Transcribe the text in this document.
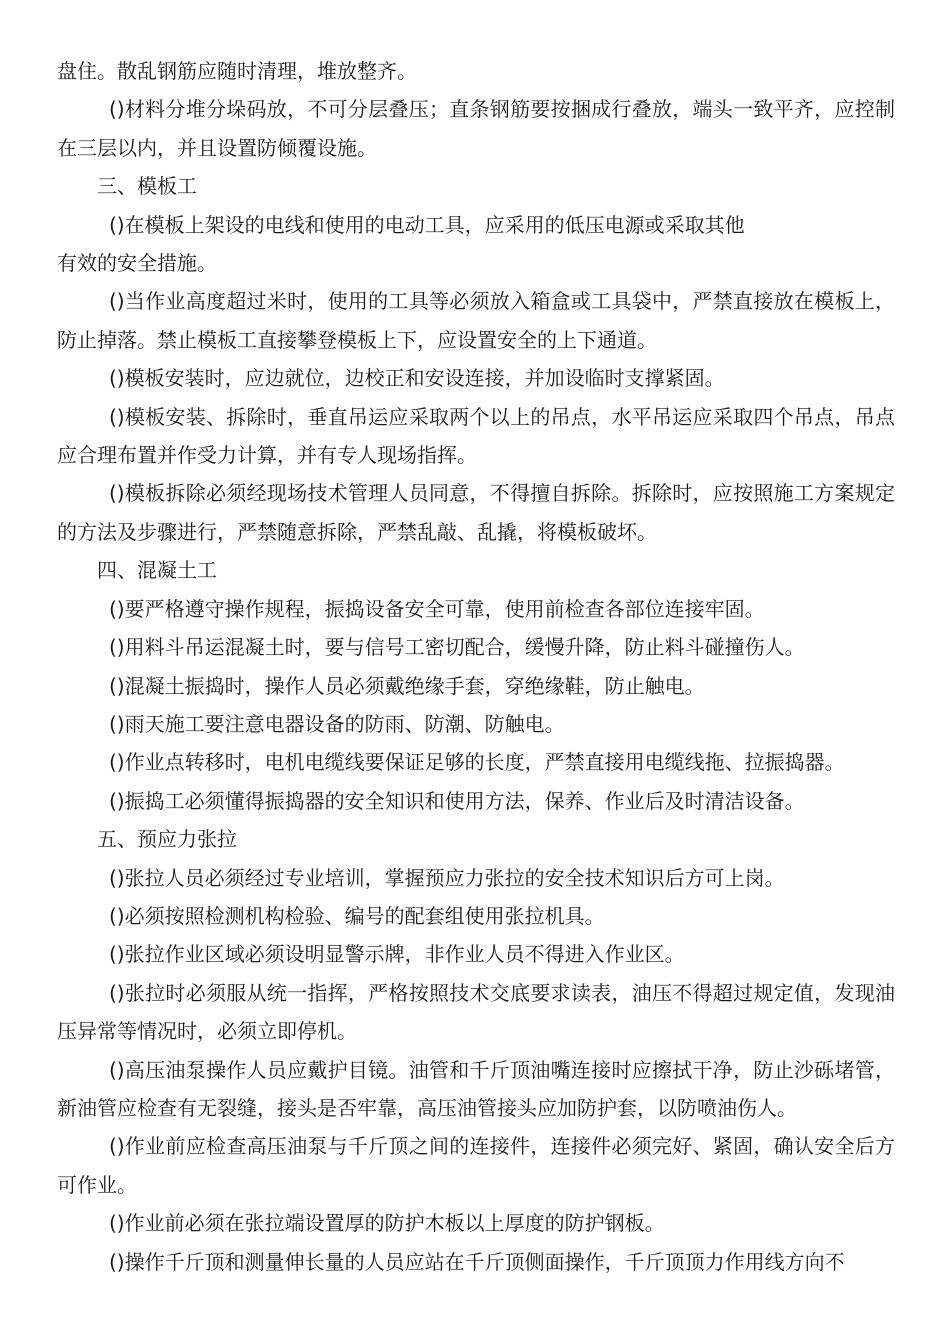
盘住。散乱钢筋应随时清理，堆放整齐。

()材料分堆分垛码放，不可分层叠压；直条钢筋要按捆成行叠放，端头一致平齐，应控制在三层以内，并且设置防倾覆设施。

三、模板工

()在模板上架设的电线和使用的电动工具，应采用的低压电源或采取其他

有效的安全措施。

()当作业高度超过米时，使用的工具等必须放入箱盒或工具袋中，严禁直接放在模板上，防止掉落。禁止模板工直接攀登模板上下，应设置安全的上下通道。

()模板安装时，应边就位，边校正和安设连接，并加设临时支撑紧固。

()模板安装、拆除时，垂直吊运应采取两个以上的吊点，水平吊运应采取四个吊点，吊点应合理布置并作受力计算，并有专人现场指挥。

()模板拆除必须经现场技术管理人员同意，不得擅自拆除。拆除时，应按照施工方案规定的方法及步骤进行，严禁随意拆除，严禁乱敲、乱撬，将模板破坏。

四、混凝土工

()要严格遵守操作规程，振捣设备安全可靠，使用前检查各部位连接牢固。

()用料斗吊运混凝土时，要与信号工密切配合，缓慢升降，防止料斗碰撞伤人。

()混凝土振捣时，操作人员必须戴绝缘手套，穿绝缘鞋，防止触电。

()雨天施工要注意电器设备的防雨、防潮、防触电。

()作业点转移时，电机电缆线要保证足够的长度，严禁直接用电缆线拖、拉振捣器。

()振捣工必须懂得振捣器的安全知识和使用方法，保养、作业后及时清洁设备。

五、预应力张拉

()张拉人员必须经过专业培训，掌握预应力张拉的安全技术知识后方可上岗。

()必须按照检测机构检验、编号的配套组使用张拉机具。

()张拉作业区域必须设明显警示牌，非作业人员不得进入作业区。

()张拉时必须服从统一指挥，严格按照技术交底要求读表，油压不得超过规定值，发现油压异常等情况时，必须立即停机。

()高压油泵操作人员应戴护目镜。油管和千斤顶油嘴连接时应擦拭干净，防止沙砾堵管，新油管应检查有无裂缝，接头是否牢靠，高压油管接头应加防护套，以防喷油伤人。

()作业前应检查高压油泵与千斤顶之间的连接件，连接件必须完好、紧固，确认安全后方可作业。

()作业前必须在张拉端设置厚的防护木板以上厚度的防护钢板。

()操作千斤顶和测量伸长量的人员应站在千斤顶侧面操作，千斤顶顶力作用线方向不
